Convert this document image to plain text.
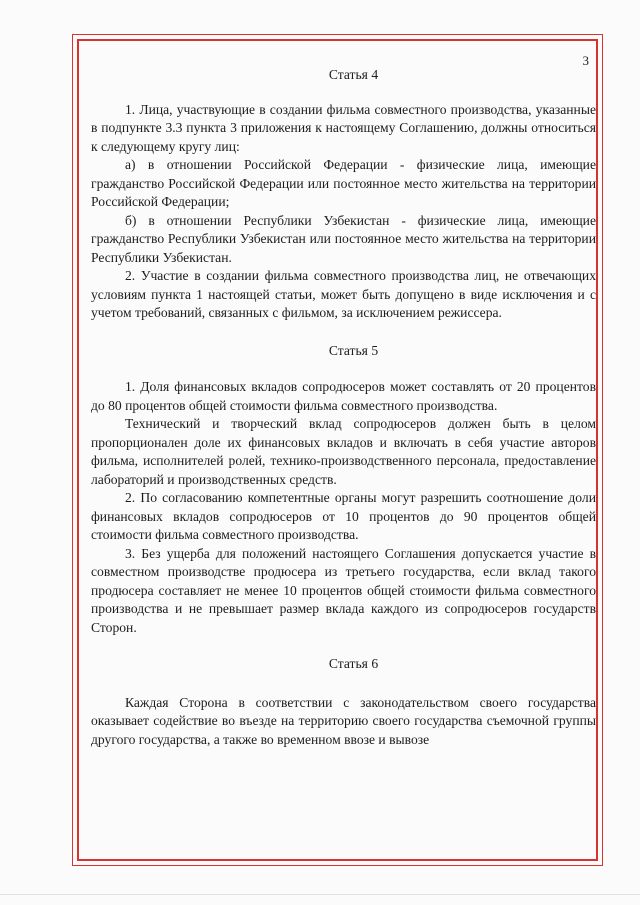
3

Статья 4

1. Лица, участвующие в создании фильма совместного производства, указанные в подпункте 3.3 пункта 3 приложения к настоящему Соглашению, должны относиться к следующему кругу лиц:

а) в отношении Российской Федерации - физические лица, имеющие гражданство Российской Федерации или постоянное место жительства на территории Российской Федерации;

б) в отношении Республики Узбекистан - физические лица, имеющие гражданство Республики Узбекистан или постоянное место жительства на территории Республики Узбекистан.

2. Участие в создании фильма совместного производства лиц, не отвечающих условиям пункта 1 настоящей статьи, может быть допущено в виде исключения и с учетом требований, связанных с фильмом, за исключением режиссера.

Статья 5

1. Доля финансовых вкладов сопродюсеров может составлять от 20 процентов до 80 процентов общей стоимости фильма совместного производства.

Технический и творческий вклад сопродюсеров должен быть в целом пропорционален доле их финансовых вкладов и включать в себя участие авторов фильма, исполнителей ролей, технико-производственного персонала, предоставление лабораторий и производственных средств.

2. По согласованию компетентные органы могут разрешить соотношение доли финансовых вкладов сопродюсеров от 10 процентов до 90 процентов общей стоимости фильма совместного производства.

3. Без ущерба для положений настоящего Соглашения допускается участие в совместном производстве продюсера из третьего государства, если вклад такого продюсера составляет не менее 10 процентов общей стоимости фильма совместного производства и не превышает размер вклада каждого из сопродюсеров государств Сторон.

Статья 6

Каждая Сторона в соответствии с законодательством своего государства оказывает содействие во въезде на территорию своего государства съемочной группы другого государства, а также во временном ввозе и вывозе
